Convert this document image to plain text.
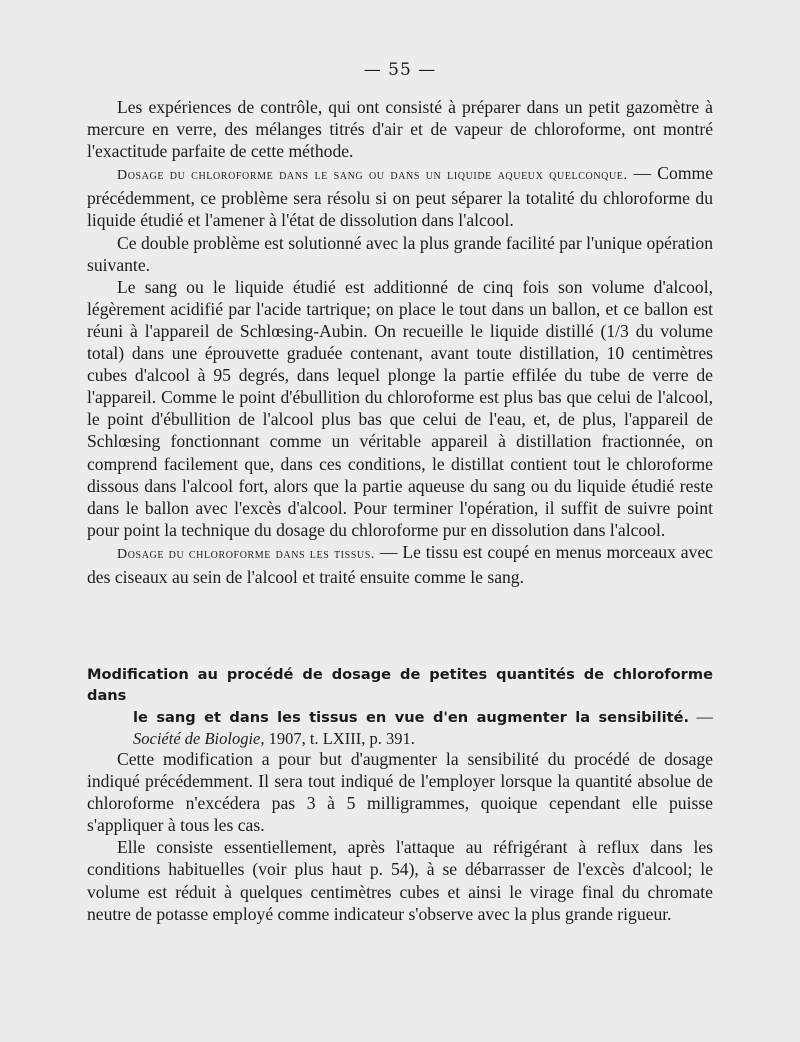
— 55 —

Les expériences de contrôle, qui ont consisté à préparer dans un petit gazomètre à mercure en verre, des mélanges titrés d'air et de vapeur de chloroforme, ont montré l'exactitude parfaite de cette méthode.

Dosage du chloroforme dans le sang ou dans un liquide aqueux quelconque. — Comme précédemment, ce problème sera résolu si on peut séparer la totalité du chloroforme du liquide étudié et l'amener à l'état de dissolution dans l'alcool.

Ce double problème est solutionné avec la plus grande facilité par l'unique opération suivante.

Le sang ou le liquide étudié est additionné de cinq fois son volume d'alcool, légèrement acidifié par l'acide tartrique; on place le tout dans un ballon, et ce ballon est réuni à l'appareil de Schlœsing-Aubin. On recueille le liquide distillé (1/3 du volume total) dans une éprouvette graduée contenant, avant toute distillation, 10 centimètres cubes d'alcool à 95 degrés, dans lequel plonge la partie effilée du tube de verre de l'appareil. Comme le point d'ébullition du chloroforme est plus bas que celui de l'alcool, le point d'ébullition de l'alcool plus bas que celui de l'eau, et, de plus, l'appareil de Schlœsing fonctionnant comme un véritable appareil à distillation fractionnée, on comprend facilement que, dans ces conditions, le distillat contient tout le chloroforme dissous dans l'alcool fort, alors que la partie aqueuse du sang ou du liquide étudié reste dans le ballon avec l'excès d'alcool. Pour terminer l'opération, il suffit de suivre point pour point la technique du dosage du chloroforme pur en dissolution dans l'alcool.

Dosage du chloroforme dans les tissus. — Le tissu est coupé en menus morceaux avec des ciseaux au sein de l'alcool et traité ensuite comme le sang.

Modification au procédé de dosage de petites quantités de chloroforme dans
le sang et dans les tissus en vue d'en augmenter la sensibilité. — Société de Biologie, 1907, t. LXIII, p. 391.

Cette modification a pour but d'augmenter la sensibilité du procédé de dosage indiqué précédemment. Il sera tout indiqué de l'employer lorsque la quantité absolue de chloroforme n'excédera pas 3 à 5 milligrammes, quoique cependant elle puisse s'appliquer à tous les cas.

Elle consiste essentiellement, après l'attaque au réfrigérant à reflux dans les conditions habituelles (voir plus haut p. 54), à se débarrasser de l'excès d'alcool; le volume est réduit à quelques centimètres cubes et ainsi le virage final du chromate neutre de potasse employé comme indicateur s'observe avec la plus grande rigueur.
